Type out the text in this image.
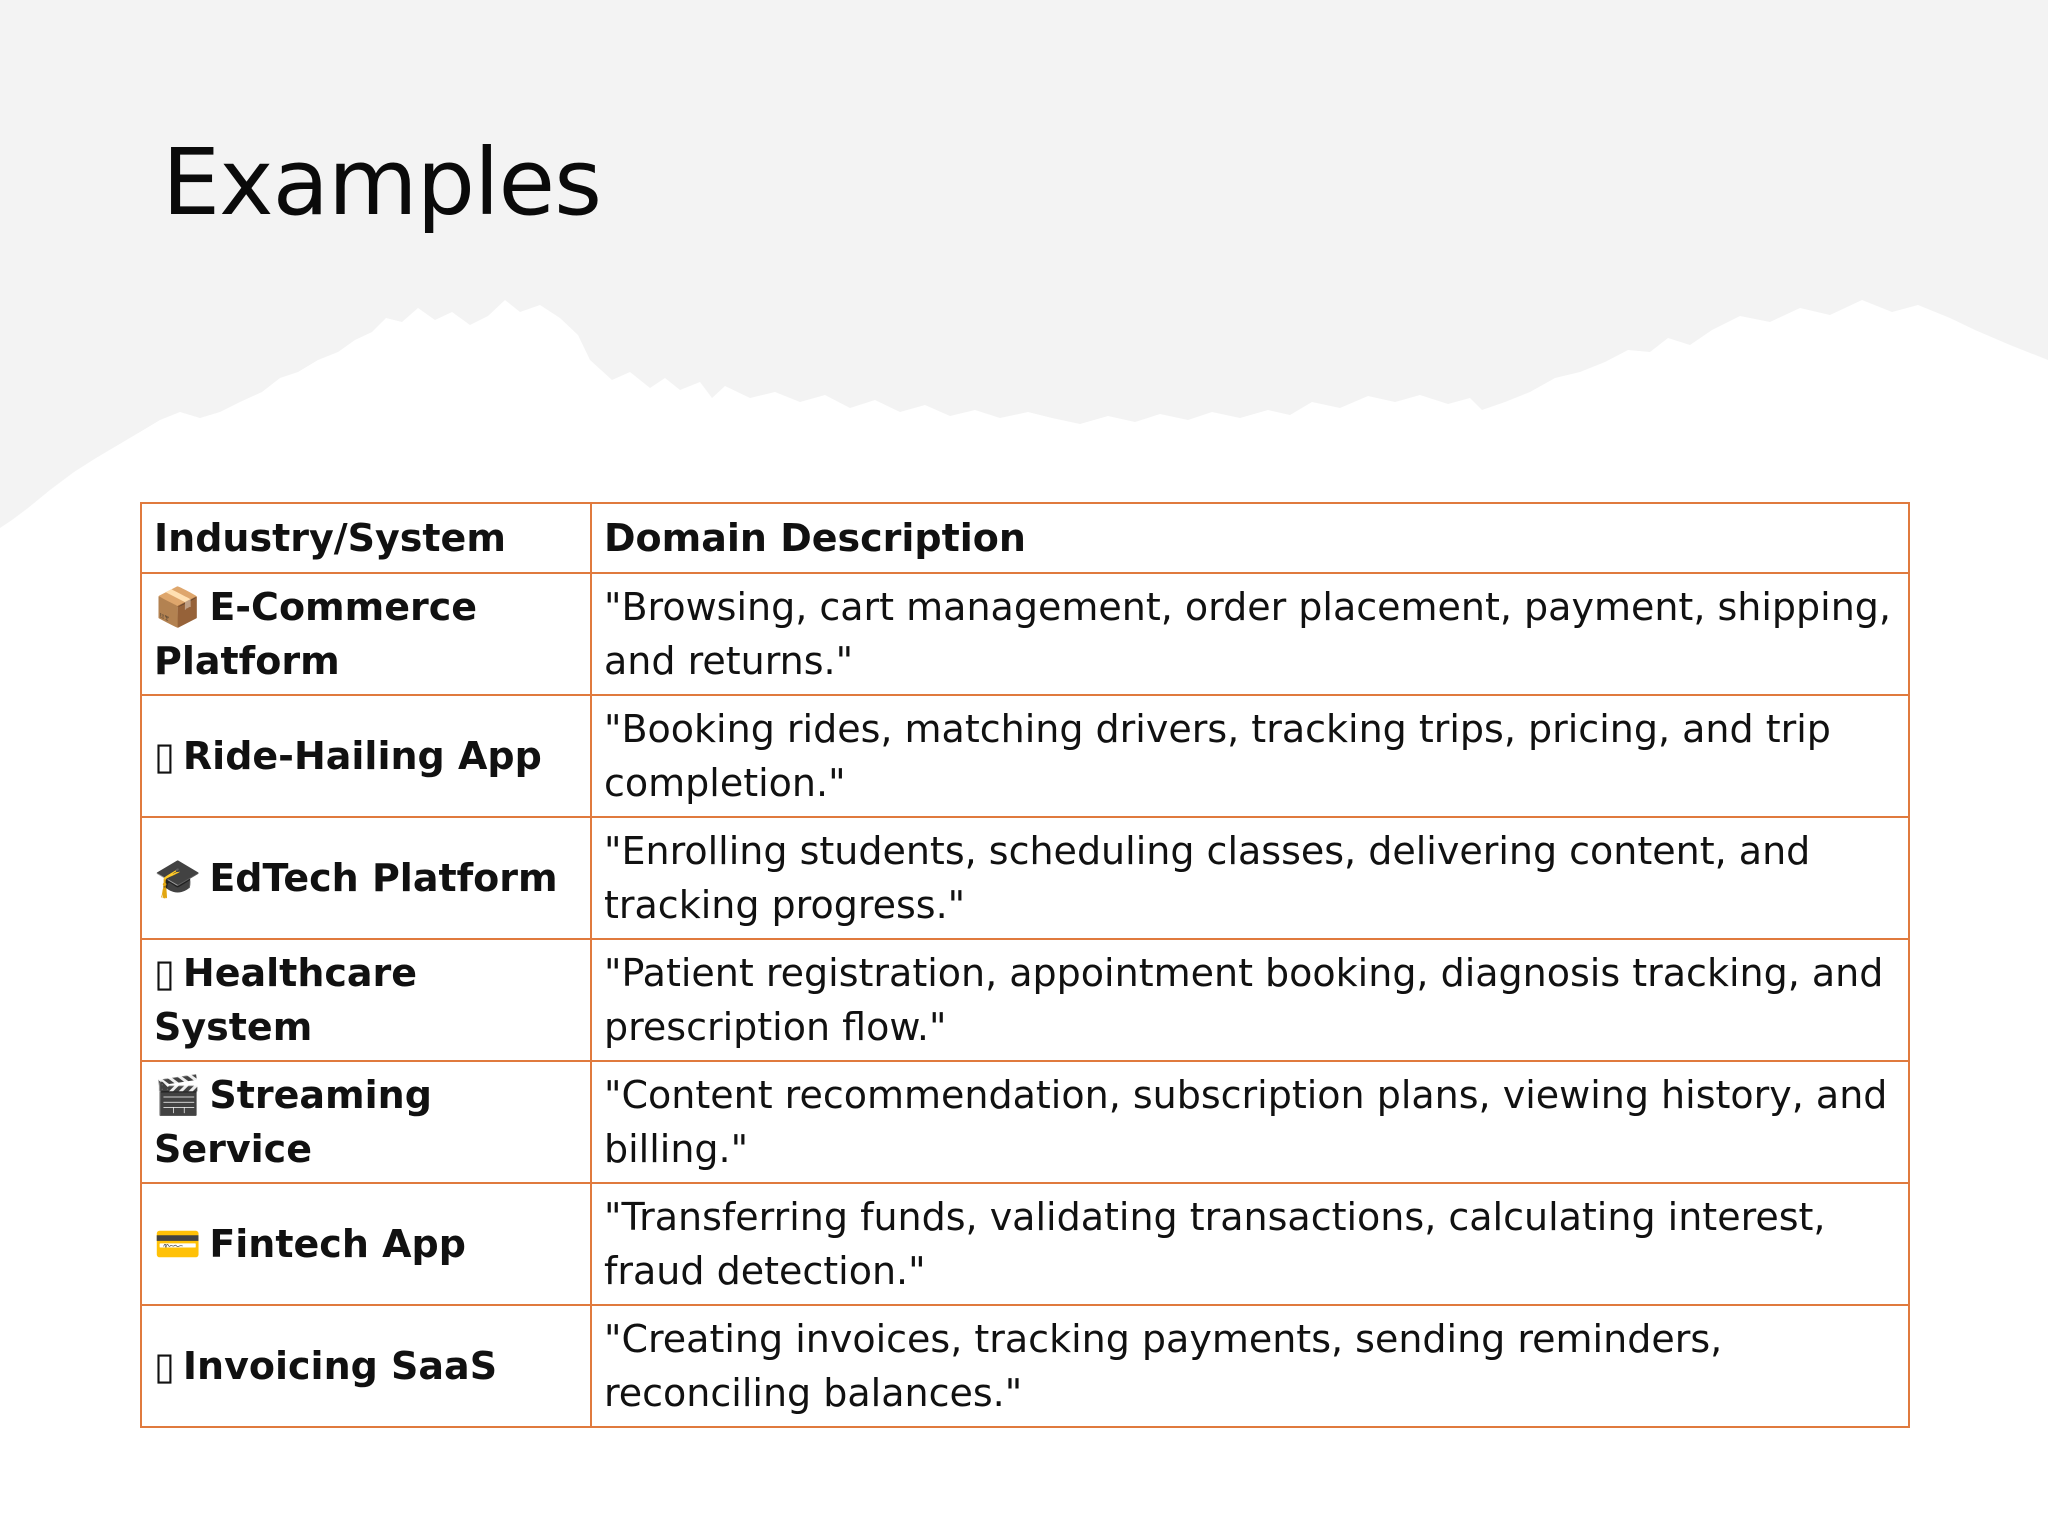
Examples
Industry/System	Domain Description
📦 E-Commerce Platform	"Browsing, cart management, order placement, payment, shipping, and returns."
▯ Ride-Hailing App	"Booking rides, matching drivers, tracking trips, pricing, and trip completion."
🎓 EdTech Platform	"Enrolling students, scheduling classes, delivering content, and tracking progress."
▯ Healthcare System	"Patient registration, appointment booking, diagnosis tracking, and prescription flow."
🎬 Streaming Service	"Content recommendation, subscription plans, viewing history, and billing."
💳 Fintech App	"Transferring funds, validating transactions, calculating interest, fraud detection."
▯ Invoicing SaaS	"Creating invoices, tracking payments, sending reminders, reconciling balances."
